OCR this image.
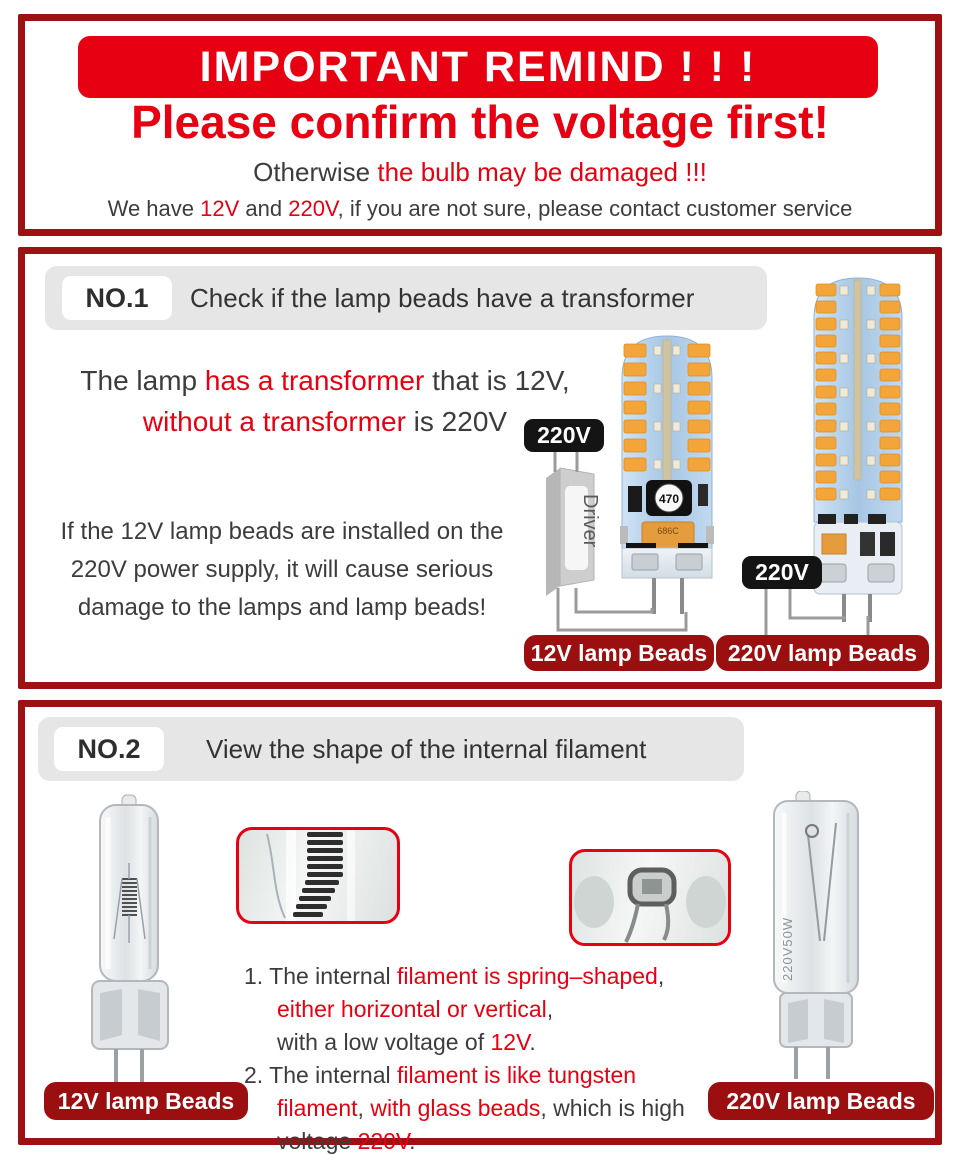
IMPORTANT REMIND ! ! !
Please confirm the voltage first!
Otherwise the bulb may be damaged !!!
We have 12V and 220V, if you are not sure, please contact customer service
NO.1	Check if the lamp beads have a transformer
The lamp has a transformer that is 12V,
without a transformer is 220V
If the 12V lamp beads are installed on the
220V power supply, it will cause serious
damage to the lamps and lamp beads!
470
686C
Driver
220V
220V
12V lamp Beads 220V lamp Beads
NO.2	View the shape of the internal filament
220V50W
1. The internal filament is spring–shaped,
either horizontal or vertical,
with a low voltage of 12V.
2. The internal filament is like tungsten
filament, with glass beads, which is high
voltage 220V.
12V lamp Beads	220V lamp Beads
